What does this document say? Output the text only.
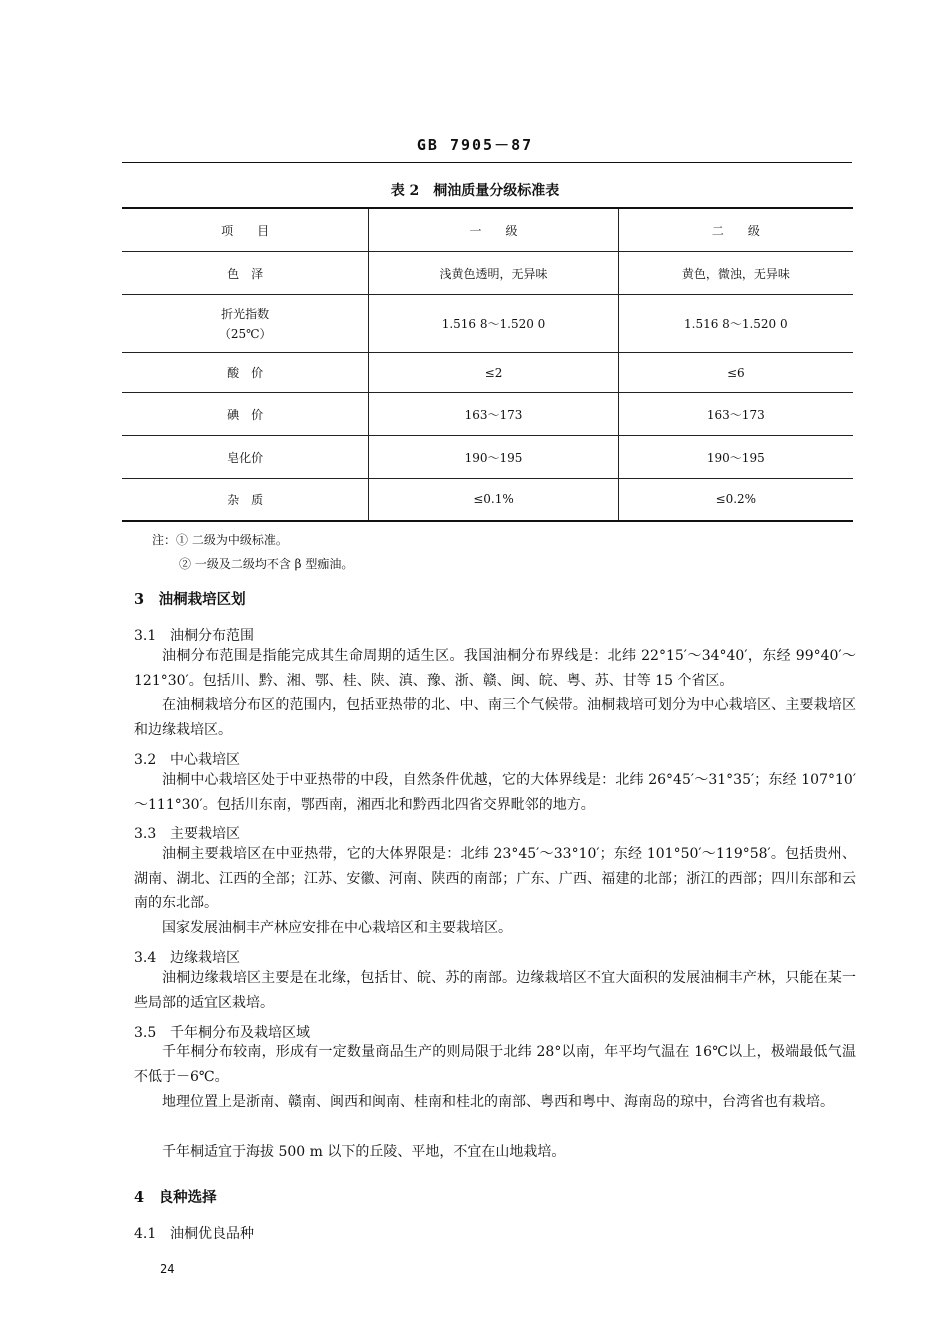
GB 7905－87
表 2　桐油质量分级标准表
项　　目	一　　级	二　　级
色　泽	浅黄色透明，无异味	黄色，微浊，无异味

折光指数
（25℃）	1.516 8～1.520 0	1.516 8～1.520 0
酸　价	≤2	≤6
碘　价	163～173	163～173
皂化价	190～195	190～195
杂　质	≤0.1%	≤0.2%
注：① 二级为中级标准。
② 一级及二级均不含 β 型痂油。
3　油桐栽培区划
3.1 油桐分布范围

油桐分布范围是指能完成其生命周期的适生区。我国油桐分布界线是：北纬 22°15′～34°40′，东经 99°40′～121°30′。包括川、黔、湘、鄂、桂、陕、滇、豫、浙、赣、闽、皖、粤、苏、甘等 15 个省区。

在油桐栽培分布区的范围内，包括亚热带的北、中、南三个气候带。油桐栽培可划分为中心栽培区、主要栽培区和边缘栽培区。

3.2 中心栽培区

油桐中心栽培区处于中亚热带的中段，自然条件优越，它的大体界线是：北纬 26°45′～31°35′；东经 107°10′～111°30′。包括川东南，鄂西南，湘西北和黔西北四省交界毗邻的地方。

3.3 主要栽培区

油桐主要栽培区在中亚热带，它的大体界限是：北纬 23°45′～33°10′；东经 101°50′～119°58′。包括贵州、湖南、湖北、江西的全部；江苏、安徽、河南、陕西的南部；广东、广西、福建的北部；浙江的西部；四川东部和云南的东北部。

国家发展油桐丰产林应安排在中心栽培区和主要栽培区。

3.4 边缘栽培区

油桐边缘栽培区主要是在北缘，包括甘、皖、苏的南部。边缘栽培区不宜大面积的发展油桐丰产林，只能在某一些局部的适宜区栽培。

3.5 千年桐分布及栽培区域

千年桐分布较南，形成有一定数量商品生产的则局限于北纬 28°以南，年平均气温在 16℃以上，极端最低气温不低于－6℃。

地理位置上是浙南、赣南、闽西和闽南、桂南和桂北的南部、粤西和粤中、海南岛的琼中，台湾省也有栽培。

千年桐适宜于海拔 500 m 以下的丘陵、平地，不宜在山地栽培。

4　良种选择
4.1 油桐优良品种
24
